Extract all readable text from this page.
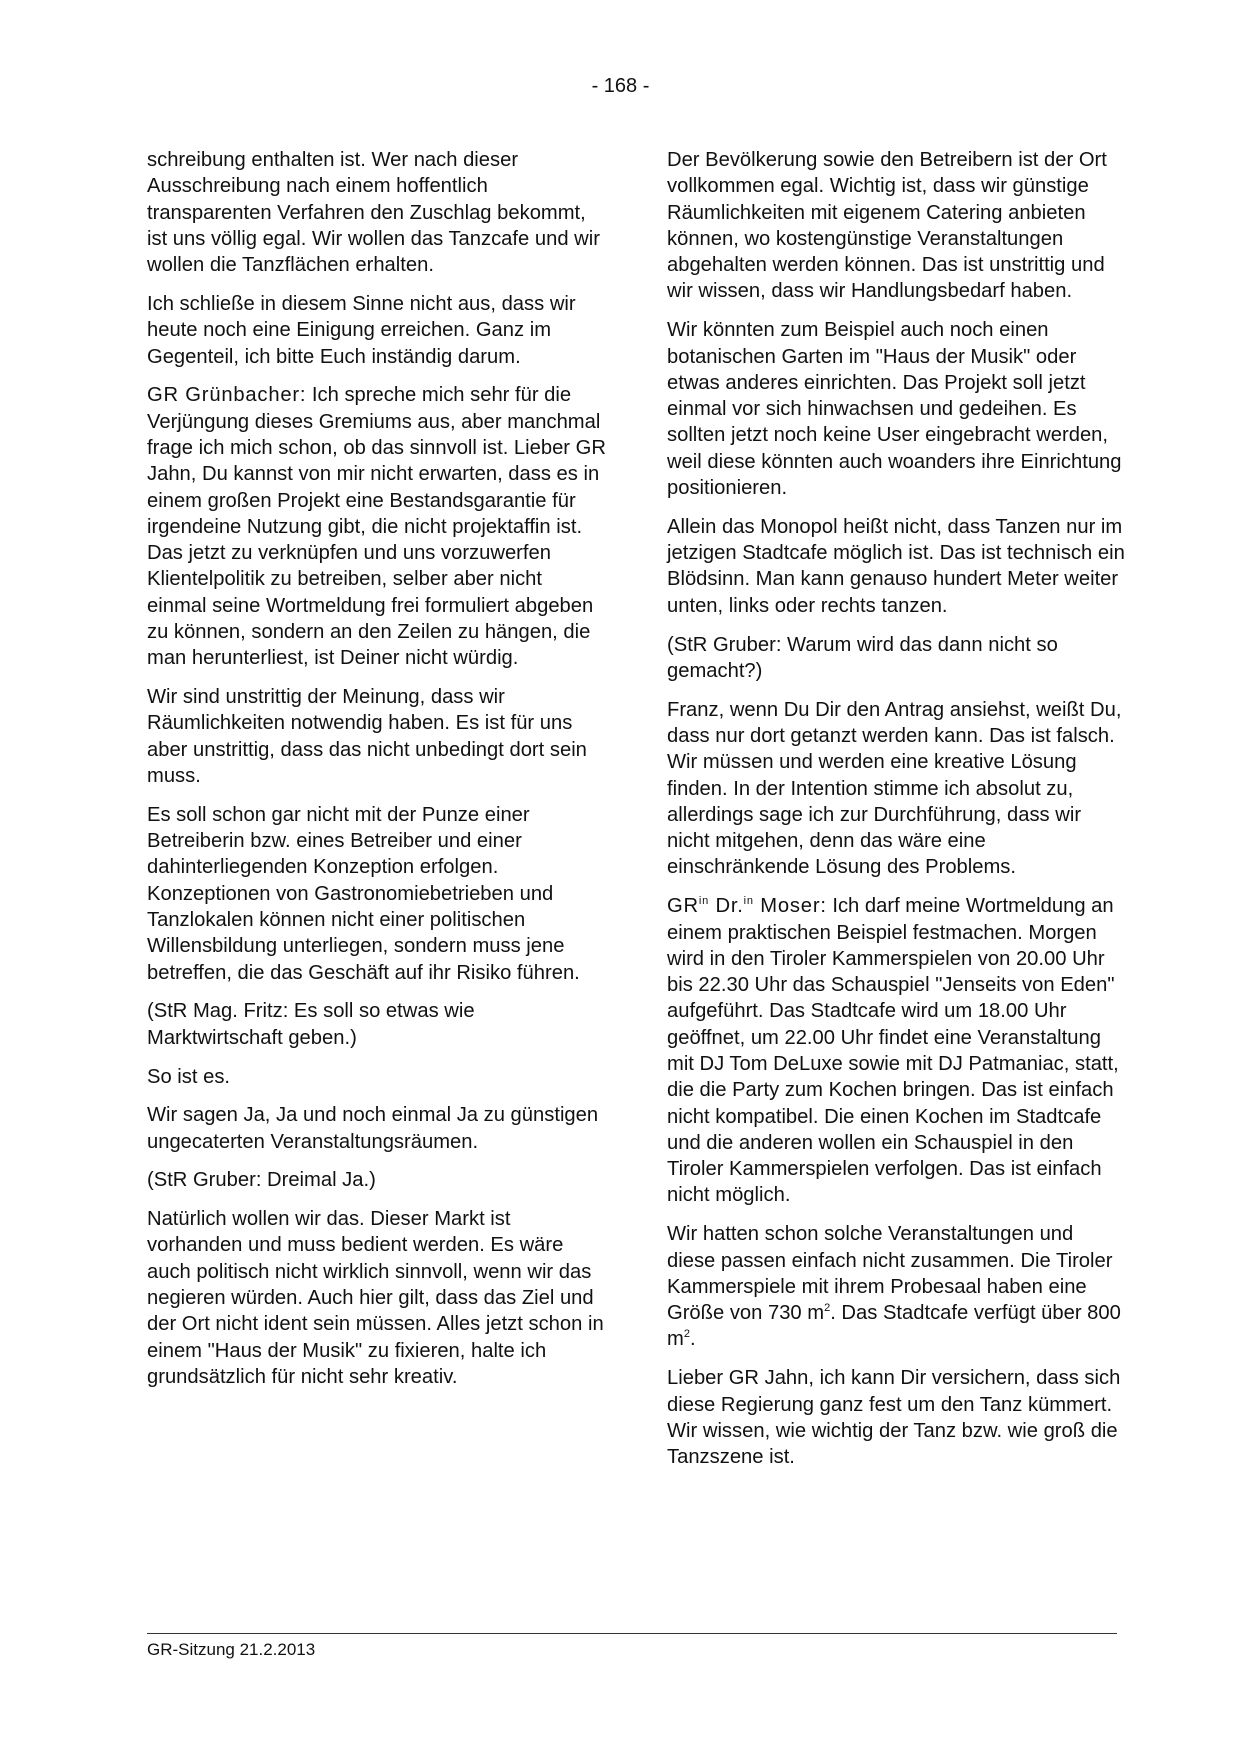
- 168 -

schreibung enthalten ist. Wer nach dieser Ausschreibung nach einem hoffentlich transparenten Verfahren den Zuschlag bekommt, ist uns völlig egal. Wir wollen das Tanzcafe und wir wollen die Tanzflächen erhalten.

Ich schließe in diesem Sinne nicht aus, dass wir heute noch eine Einigung erreichen. Ganz im Gegenteil, ich bitte Euch inständig darum.

GR Grünbacher: Ich spreche mich sehr für die Verjüngung dieses Gremiums aus, aber manchmal frage ich mich schon, ob das sinnvoll ist. Lieber GR Jahn, Du kannst von mir nicht erwarten, dass es in einem großen Projekt eine Bestandsgarantie für irgendeine Nutzung gibt, die nicht projektaffin ist. Das jetzt zu verknüpfen und uns vorzuwerfen Klientelpolitik zu betreiben, selber aber nicht einmal seine Wortmeldung frei formuliert abgeben zu können, sondern an den Zeilen zu hängen, die man herunterliest, ist Deiner nicht würdig.

Wir sind unstrittig der Meinung, dass wir Räumlichkeiten notwendig haben. Es ist für uns aber unstrittig, dass das nicht unbedingt dort sein muss.

Es soll schon gar nicht mit der Punze einer Betreiberin bzw. eines Betreiber und einer dahinterliegenden Konzeption erfolgen. Konzeptionen von Gastronomiebetrieben und Tanzlokalen können nicht einer politischen Willensbildung unterliegen, sondern muss jene betreffen, die das Geschäft auf ihr Risiko führen.

(StR Mag. Fritz: Es soll so etwas wie Marktwirtschaft geben.)

So ist es.

Wir sagen Ja, Ja und noch einmal Ja zu günstigen ungecaterten Veranstaltungsräumen.

(StR Gruber: Dreimal Ja.)

Natürlich wollen wir das. Dieser Markt ist vorhanden und muss bedient werden. Es wäre auch politisch nicht wirklich sinnvoll, wenn wir das negieren würden. Auch hier gilt, dass das Ziel und der Ort nicht ident sein müssen. Alles jetzt schon in einem "Haus der Musik" zu fixieren, halte ich grundsätzlich für nicht sehr kreativ.

Der Bevölkerung sowie den Betreibern ist der Ort vollkommen egal. Wichtig ist, dass wir günstige Räumlichkeiten mit eigenem Catering anbieten können, wo kostengünstige Veranstaltungen abgehalten werden können. Das ist unstrittig und wir wissen, dass wir Handlungsbedarf haben.

Wir könnten zum Beispiel auch noch einen botanischen Garten im "Haus der Musik" oder etwas anderes einrichten. Das Projekt soll jetzt einmal vor sich hinwachsen und gedeihen. Es sollten jetzt noch keine User eingebracht werden, weil diese könnten auch woanders ihre Einrichtung positionieren.

Allein das Monopol heißt nicht, dass Tanzen nur im jetzigen Stadtcafe möglich ist. Das ist technisch ein Blödsinn. Man kann genauso hundert Meter weiter unten, links oder rechts tanzen.

(StR Gruber: Warum wird das dann nicht so gemacht?)

Franz, wenn Du Dir den Antrag ansiehst, weißt Du, dass nur dort getanzt werden kann. Das ist falsch. Wir müssen und werden eine kreative Lösung finden. In der Intention stimme ich absolut zu, allerdings sage ich zur Durchführung, dass wir nicht mitgehen, denn das wäre eine einschränkende Lösung des Problems.

$GR^{in}$ Dr.$^{in}$ Moser: Ich darf meine Wortmeldung an einem praktischen Beispiel festmachen. Morgen wird in den Tiroler Kammerspielen von 20.00 Uhr bis 22.30 Uhr das Schauspiel "Jenseits von Eden" aufgeführt. Das Stadtcafe wird um 18.00 Uhr geöffnet, um 22.00 Uhr findet eine Veranstaltung mit DJ Tom DeLuxe sowie mit DJ Patmaniac, statt, die die Party zum Kochen bringen. Das ist einfach nicht kompatibel. Die einen Kochen im Stadtcafe und die anderen wollen ein Schauspiel in den Tiroler Kammerspielen verfolgen. Das ist einfach nicht möglich.

Wir hatten schon solche Veranstaltungen und diese passen einfach nicht zusammen. Die Tiroler Kammerspiele mit ihrem Probesaal haben eine Größe von 730 $m^2$. Das Stadtcafe verfügt über 800 $m^2$.

Lieber GR Jahn, ich kann Dir versichern, dass sich diese Regierung ganz fest um den Tanz kümmert. Wir wissen, wie wichtig der Tanz bzw. wie groß die Tanzszene ist.

GR-Sitzung 21.2.2013
